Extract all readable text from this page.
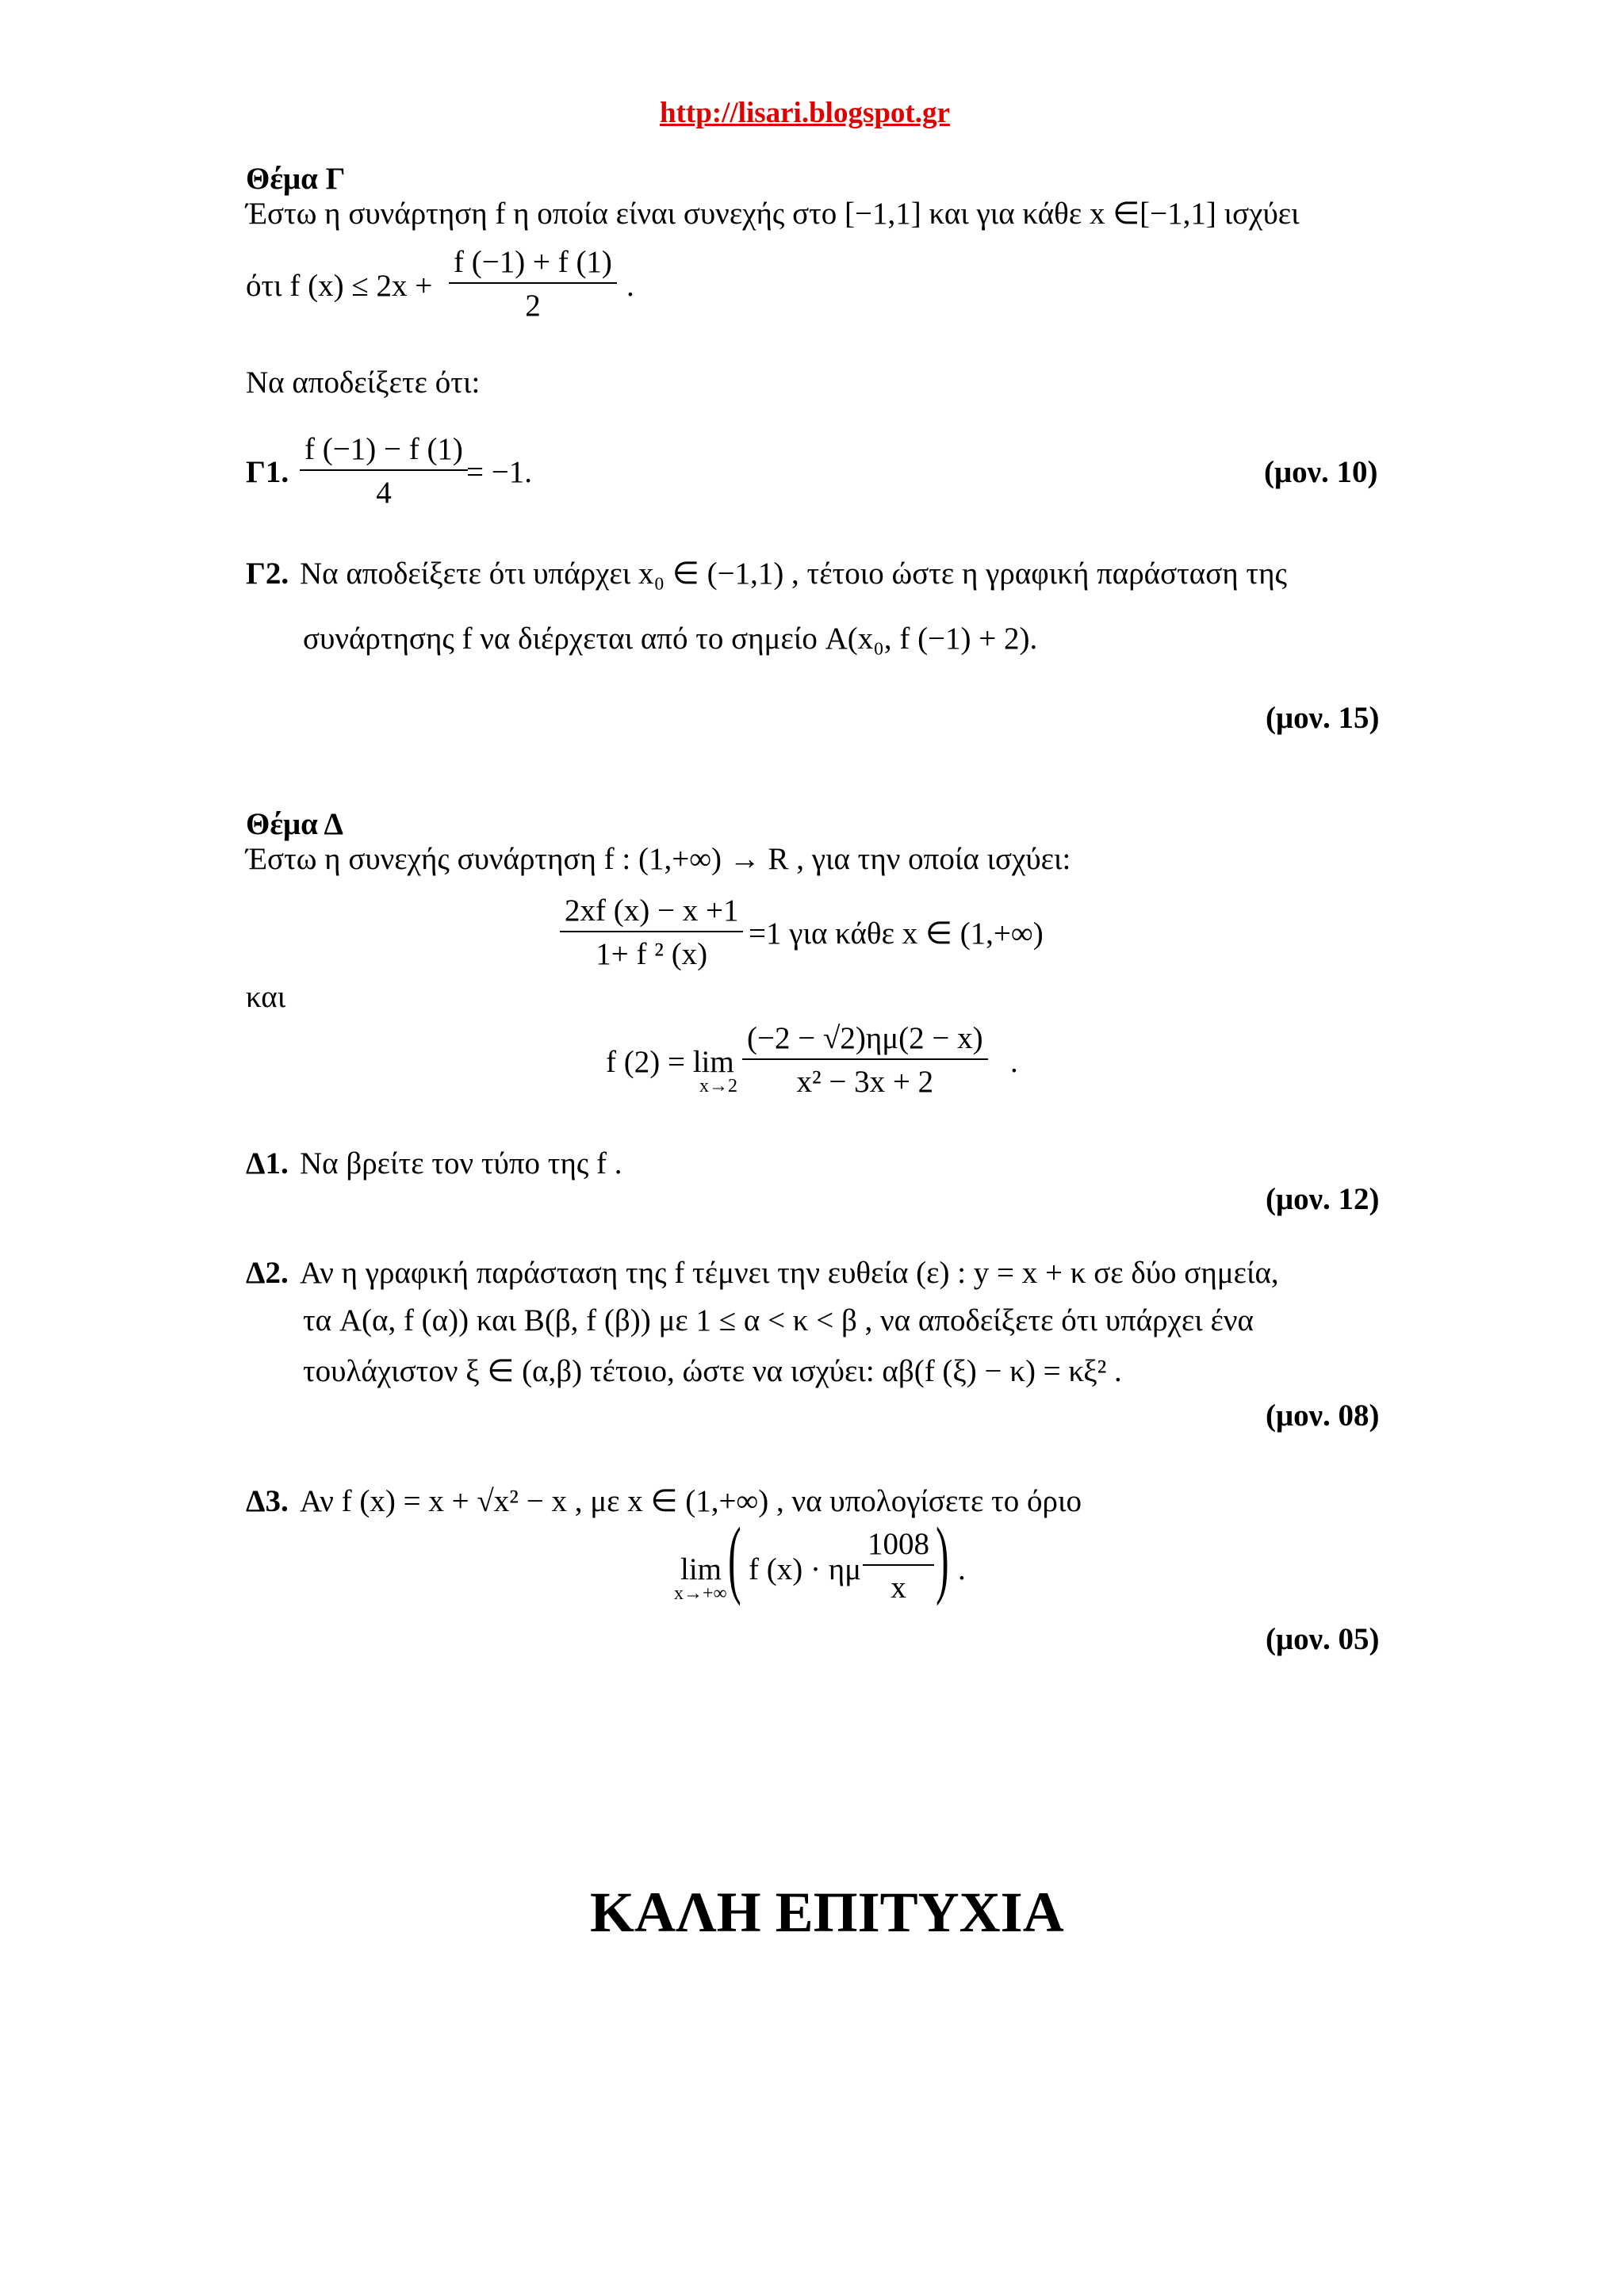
http://lisari.blogspot.gr
Θέμα Γ
Έστω η συνάρτηση f η οποία είναι συνεχής στο [−1,1] και για κάθε x ∈[−1,1] ισχύει
ότι f $(x) \le 2x + \frac{f (-1) + f (1)}{2}$ .
Να αποδείξετε ότι:
Γ1. $\frac{f (-1) - f (1)}{4}$
= −1.	(μον. 10)
Γ2. Να αποδείξετε ότι υπάρχει x₀ ∈ (−1,1) , τέτοιο ώστε η γραφική παράσταση της
συνάρτησης f να διέρχεται από το σημείο A(x₀, f (−1) + 2).
(μον. 15)
Θέμα Δ
Έστω η συνεχής συνάρτηση f : (1,+∞) → R , για την οποία ισχύει:
$\frac{2xf (x) - x +1}{\text{1+ f ² (x)}} =1$ για κάθε x ∈ (1,+∞)
και
f (2) = lim
$x\to 2 \frac{(-2 - √2)\eta\mu(2 - x)}{\text{x² − 3x + 2}}$ .
Δ1. Να βρείτε τον τύπο της f .
(μον. 12)
Δ2. Αν η γραφική παράσταση της f τέμνει την ευθεία (ε) : y = x + κ σε δύο σημεία,
τα A(α, f (α)) και B(β, f (β)) με 1 ≤ α < κ < β , να αποδείξετε ότι υπάρχει ένα
τουλάχιστον ξ ∈ (α,β) τέτοιο, ώστε να ισχύει: αβ(f (ξ) − κ) = κξ² .
(μον. 08)
Δ3. Αν f (x) = x + √x² − x , με x ∈ (1,+∞) , να υπολογίσετε το όριο
lim
x→+∞ ( f (x) · ημ $\frac{1008}{x}$ ) .
(μον. 05)
ΚΑΛΗ ΕΠΙΤΥΧΙΑ
